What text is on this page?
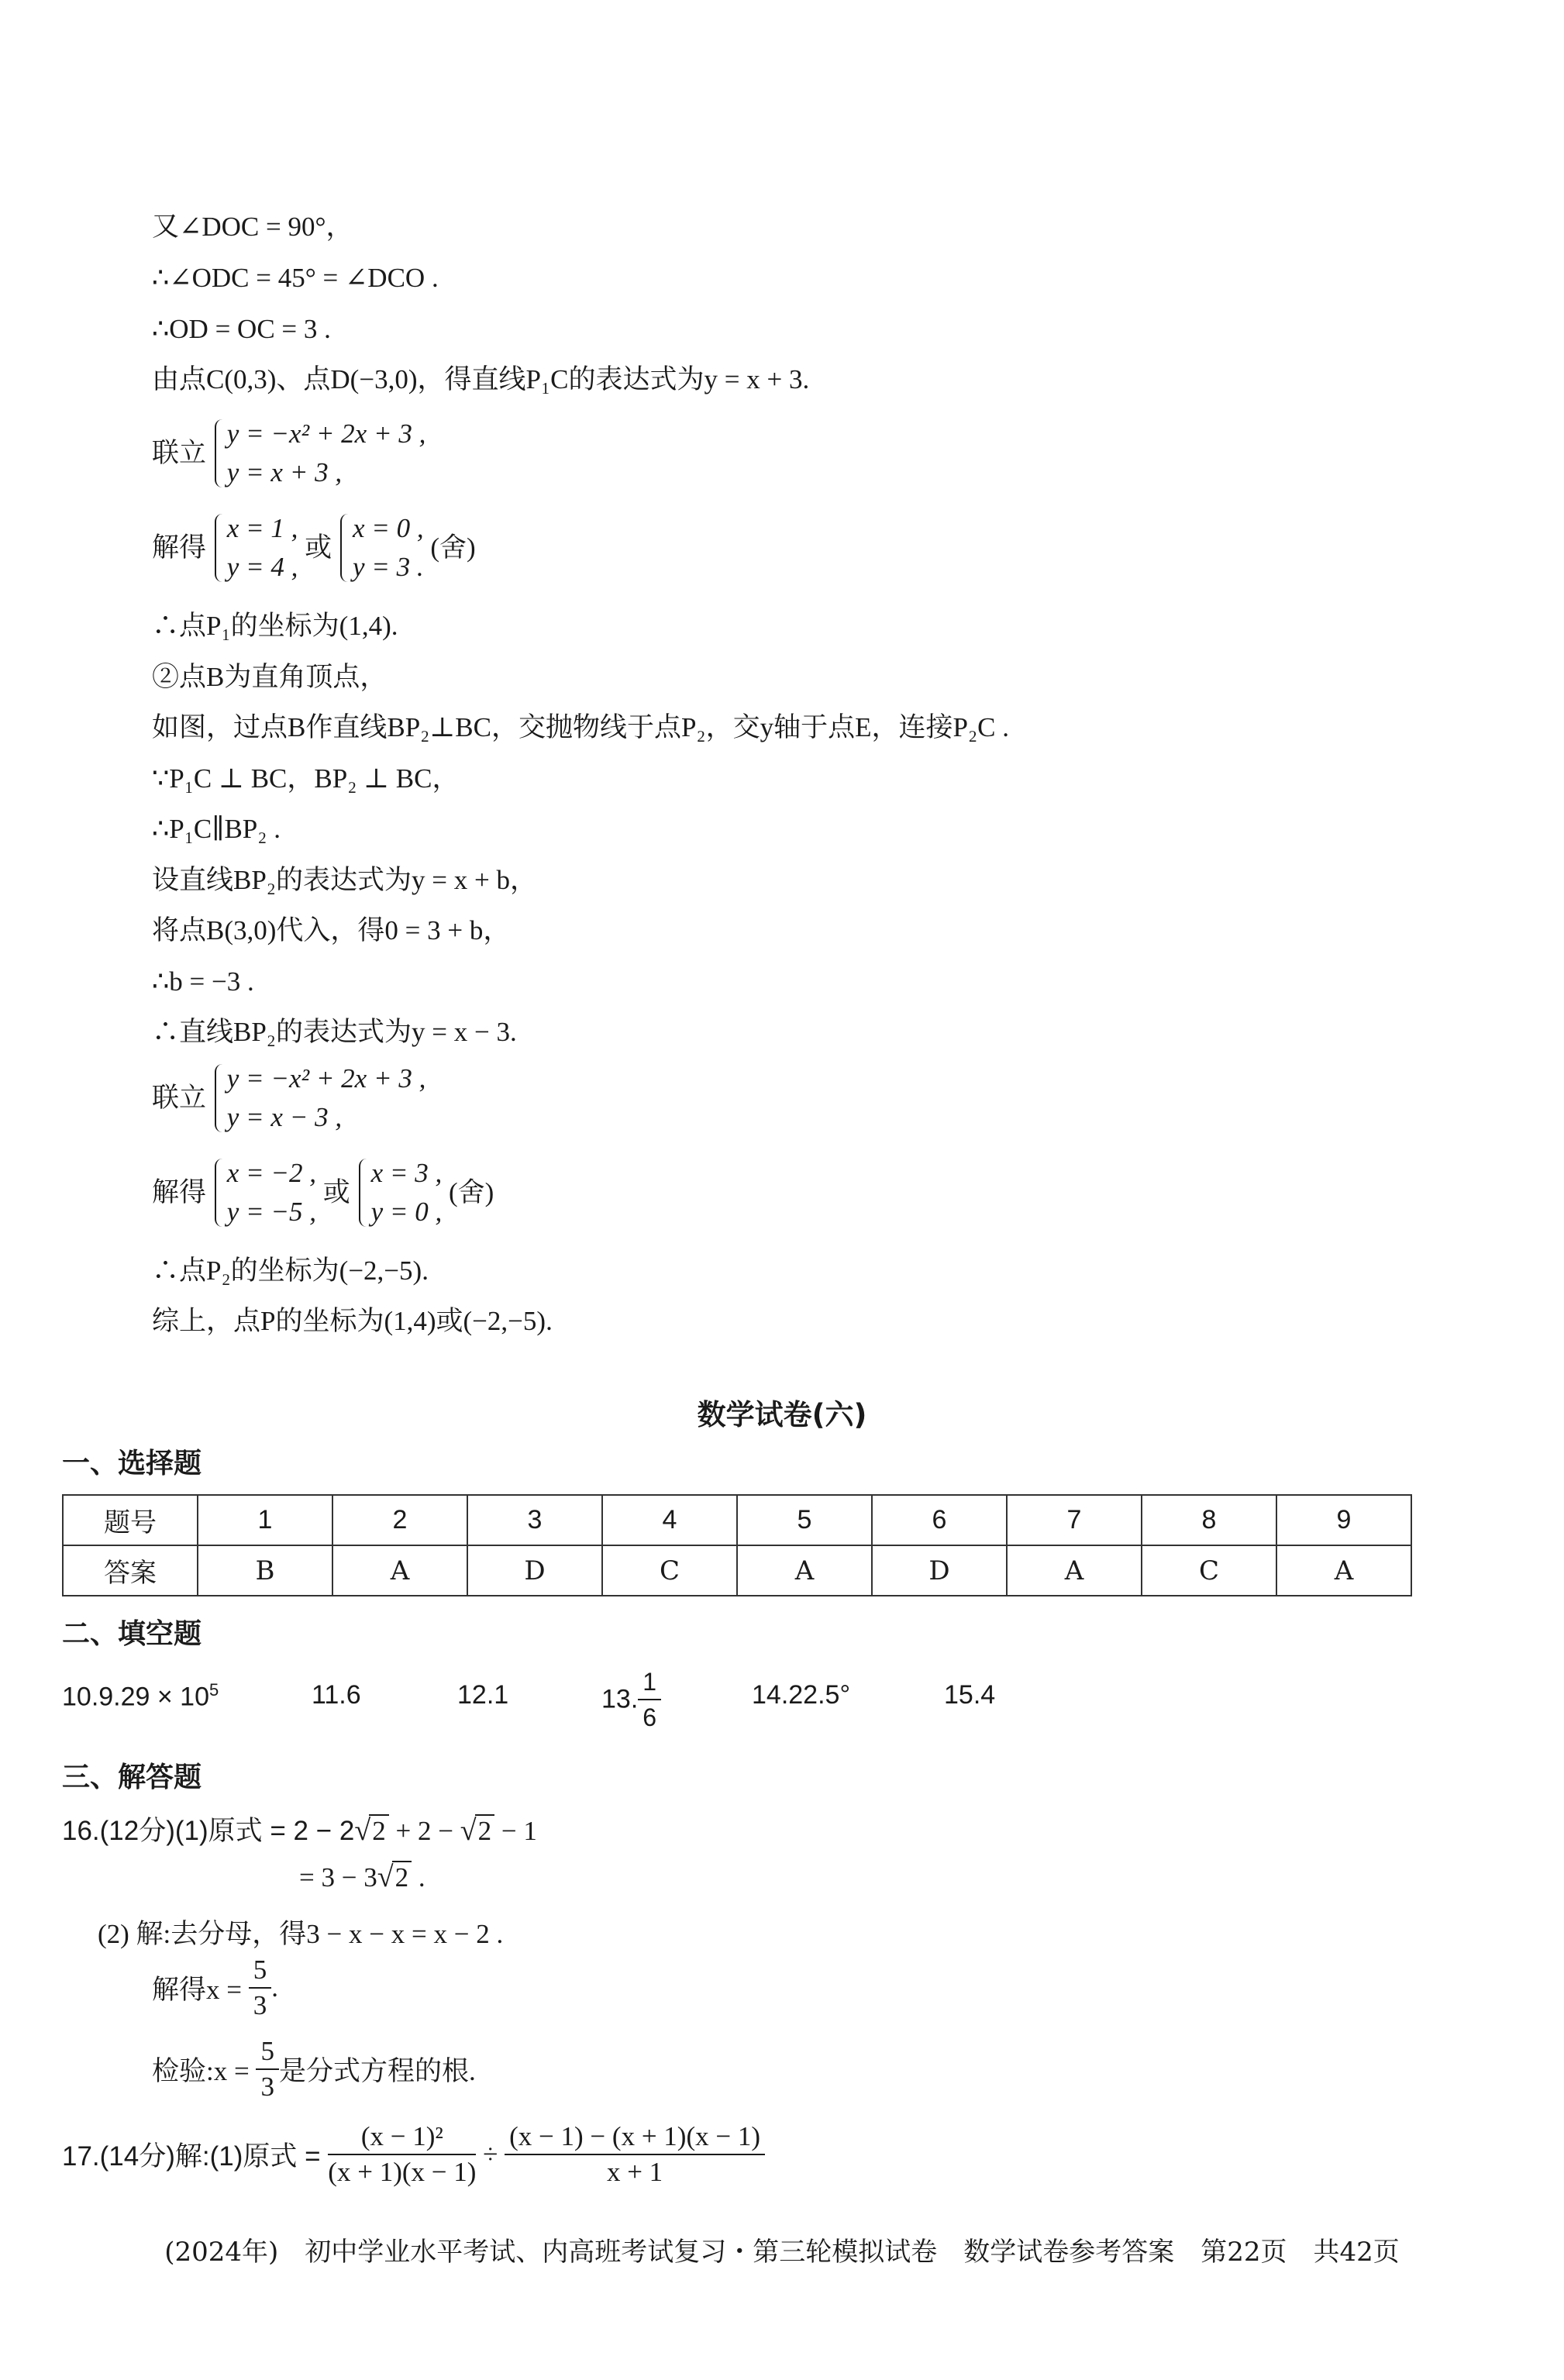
又∠DOC = 90°，
∴∠ODC = 45° = ∠DCO .
∴OD = OC = 3 .
由点C(0,3)、点D(−3,0)，得直线P₁C的表达式为y = x + 3.
联立
y = −x² + 2x + 3 ,
y = x + 3 ,
解得
x = 1 ,
y = 4 ,
或
x = 0 ,
y = 3 .
(舍)
∴点P₁的坐标为(1,4).
②点B为直角顶点，
如图，过点B作直线BP₂⊥BC，交抛物线于点P₂，交y轴于点E，连接P₂C .
∵P₁C ⊥ BC，BP₂ ⊥ BC，
∴P₁C∥BP₂ .
设直线BP₂的表达式为y = x + b，
将点B(3,0)代入，得0 = 3 + b，
∴b = −3 .
∴直线BP₂的表达式为y = x − 3.
联立
y = −x² + 2x + 3 ,
y = x − 3 ,
解得
x = −2 ,
y = −5 ,
或
x = 3 ,
y = 0 ,
(舍)
∴点P₂的坐标为(−2,−5).
综上，点P的坐标为(1,4)或(−2,−5).
数学试卷(六)
一、选择题
题号	1	2	3	4	5	6	7	8	9
答案	B	A	D	C	A	D	A	C	A
二、填空题
$10.9.29 \times 10^5$	11.6	12.1	13. $\frac{1}{6}$	14.22.5°	15.4
三、解答题
16.(12分)(1)原式 = 2 − 2√2 + 2 − √2 − 1
= 3 − 3√2 .
(2) 解:去分母，得3 − x − x = x − 2 .
解得$x = \frac{5}{3}$ .
检验:x = $\frac{5}{3}$ 是分式方程的根.
17.(14分)解:(1)原式 = $\frac{\text{(x − 1)²}}{(x + 1)(x - 1)} \div \frac{(x - 1) - (x + 1)(x - 1)}{x + 1}$
(2024年)　初中学业水平考试、内高班考试复习・第三轮模拟试卷　数学试卷参考答案　第22页　共42页
